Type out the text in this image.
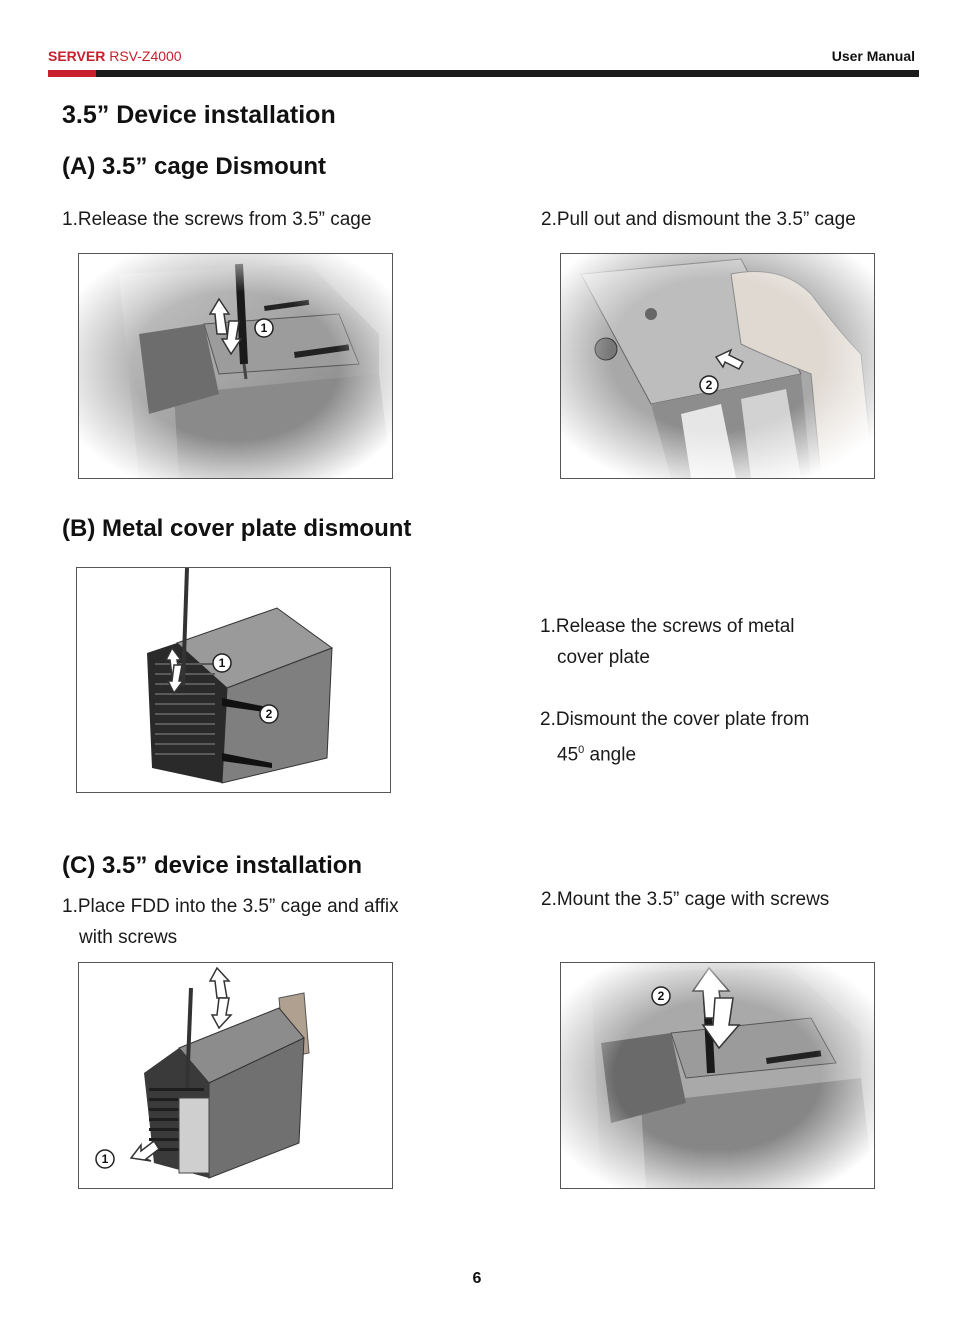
SERVER RSV-Z4000	User Manual
3.5” Device installation
(A) 3.5” cage Dismount
1.Release the screws from 3.5” cage	2.Pull out and dismount the 3.5” cage
1
2
(B) Metal cover plate dismount
1
2
1.Release the screws of metal
cover plate
2.Dismount the cover plate from
$45^0$ angle
(C) 3.5” device installation
1.Place FDD into the 3.5” cage and affix
with screws
2.Mount the 3.5” cage with screws
1
2
6
